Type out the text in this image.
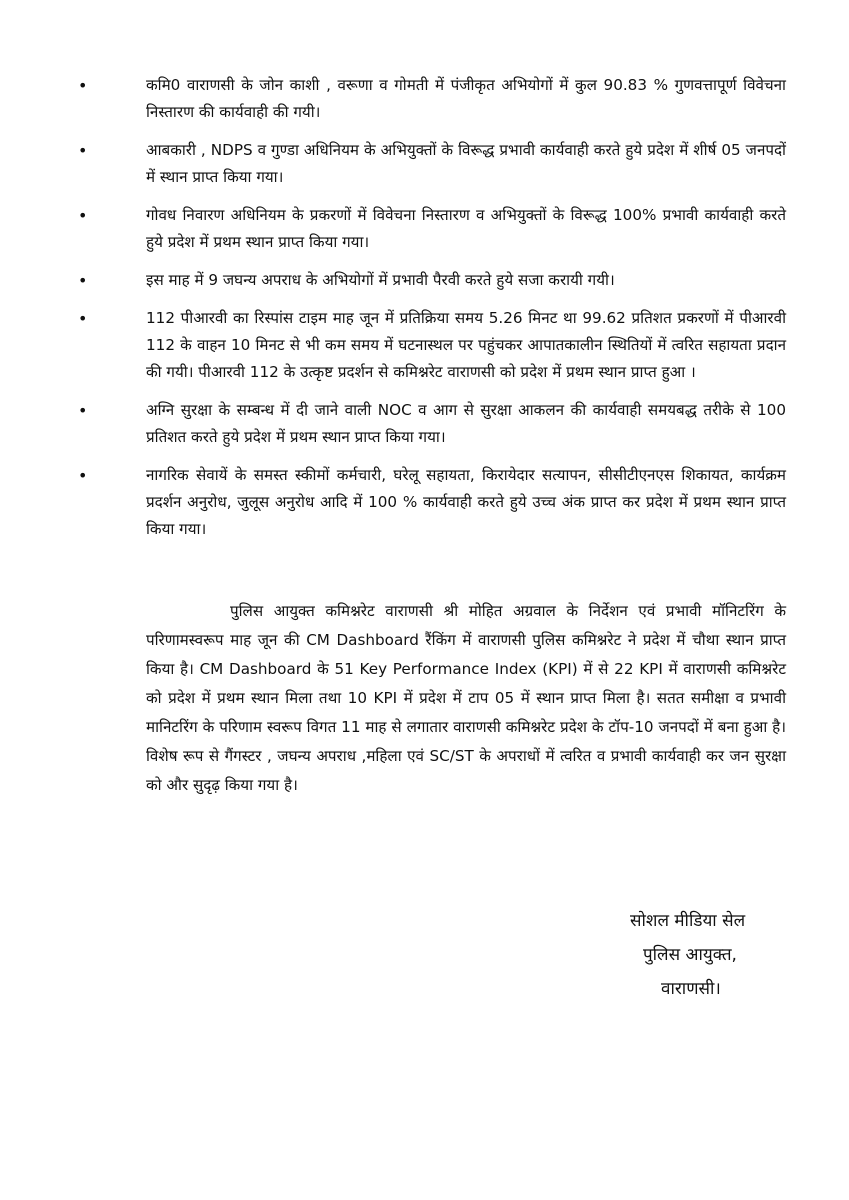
•	कमि0 वाराणसी के जोन काशी , वरूणा व गोमती में पंजीकृत अभियोगों में कुल 90.83 % गुणवत्तापूर्ण विवेचना निस्तारण की कार्यवाही की गयी।
•	आबकारी , NDPS व गुण्डा अधिनियम के अभियुक्तों के विरूद्ध प्रभावी कार्यवाही करते हुये प्रदेश में शीर्ष 05 जनपदों में स्थान प्राप्त किया गया।
•	गोवध निवारण अधिनियम के प्रकरणों में विवेचना निस्तारण व अभियुक्तों के विरूद्ध 100% प्रभावी कार्यवाही करते हुये प्रदेश में प्रथम स्थान प्राप्त किया गया।
•	इस माह में 9 जघन्य अपराध के अभियोगों में प्रभावी पैरवी करते हुये सजा करायी गयी।
•	112 पीआरवी का रिस्पांस टाइम माह जून में प्रतिक्रिया समय 5.26 मिनट था 99.62 प्रतिशत प्रकरणों में पीआरवी 112 के वाहन 10 मिनट से भी कम समय में घटनास्थल पर पहुंचकर आपातकालीन स्थितियों में त्वरित सहायता प्रदान की गयी। पीआरवी 112 के उत्कृष्ट प्रदर्शन से कमिश्नरेट वाराणसी को प्रदेश में प्रथम स्थान प्राप्त हुआ ।
•	अग्नि सुरक्षा के सम्बन्ध में दी जाने वाली NOC व आग से सुरक्षा आकलन की कार्यवाही समयबद्ध तरीके से 100 प्रतिशत करते हुये प्रदेश में प्रथम स्थान प्राप्त किया गया।
•	नागरिक सेवायें के समस्त स्कीमों कर्मचारी, घरेलू सहायता, किरायेदार सत्यापन, सीसीटीएनएस शिकायत, कार्यक्रम प्रदर्शन अनुरोध, जुलूस अनुरोध आदि में 100 % कार्यवाही करते हुये उच्च अंक प्राप्त कर प्रदेश में प्रथम स्थान प्राप्त किया गया।

पुलिस आयुक्त कमिश्नरेट वाराणसी श्री मोहित अग्रवाल के निर्देशन एवं प्रभावी मॉनिटरिंग के परिणामस्वरूप माह जून की CM Dashboard रैंकिंग में वाराणसी पुलिस कमिश्नरेट ने प्रदेश में चौथा स्थान प्राप्त किया है। CM Dashboard के 51 Key Performance Index (KPI) में से 22 KPI में वाराणसी कमिश्नरेट को प्रदेश में प्रथम स्थान मिला तथा 10 KPI में प्रदेश में टाप 05 में स्थान प्राप्त मिला है। सतत समीक्षा व प्रभावी मानिटरिंग के परिणाम स्वरूप विगत 11 माह से लगातार वाराणसी कमिश्नरेट प्रदेश के टॉप-10 जनपदों में बना हुआ है। विशेष रूप से गैंगस्टर , जघन्य अपराध ,महिला एवं SC/ST के अपराधों में त्वरित व प्रभावी कार्यवाही कर जन सुरक्षा को और सुदृढ़ किया गया है।

सोशल मीडिया सेल
पुलिस आयुक्त,
वाराणसी।
